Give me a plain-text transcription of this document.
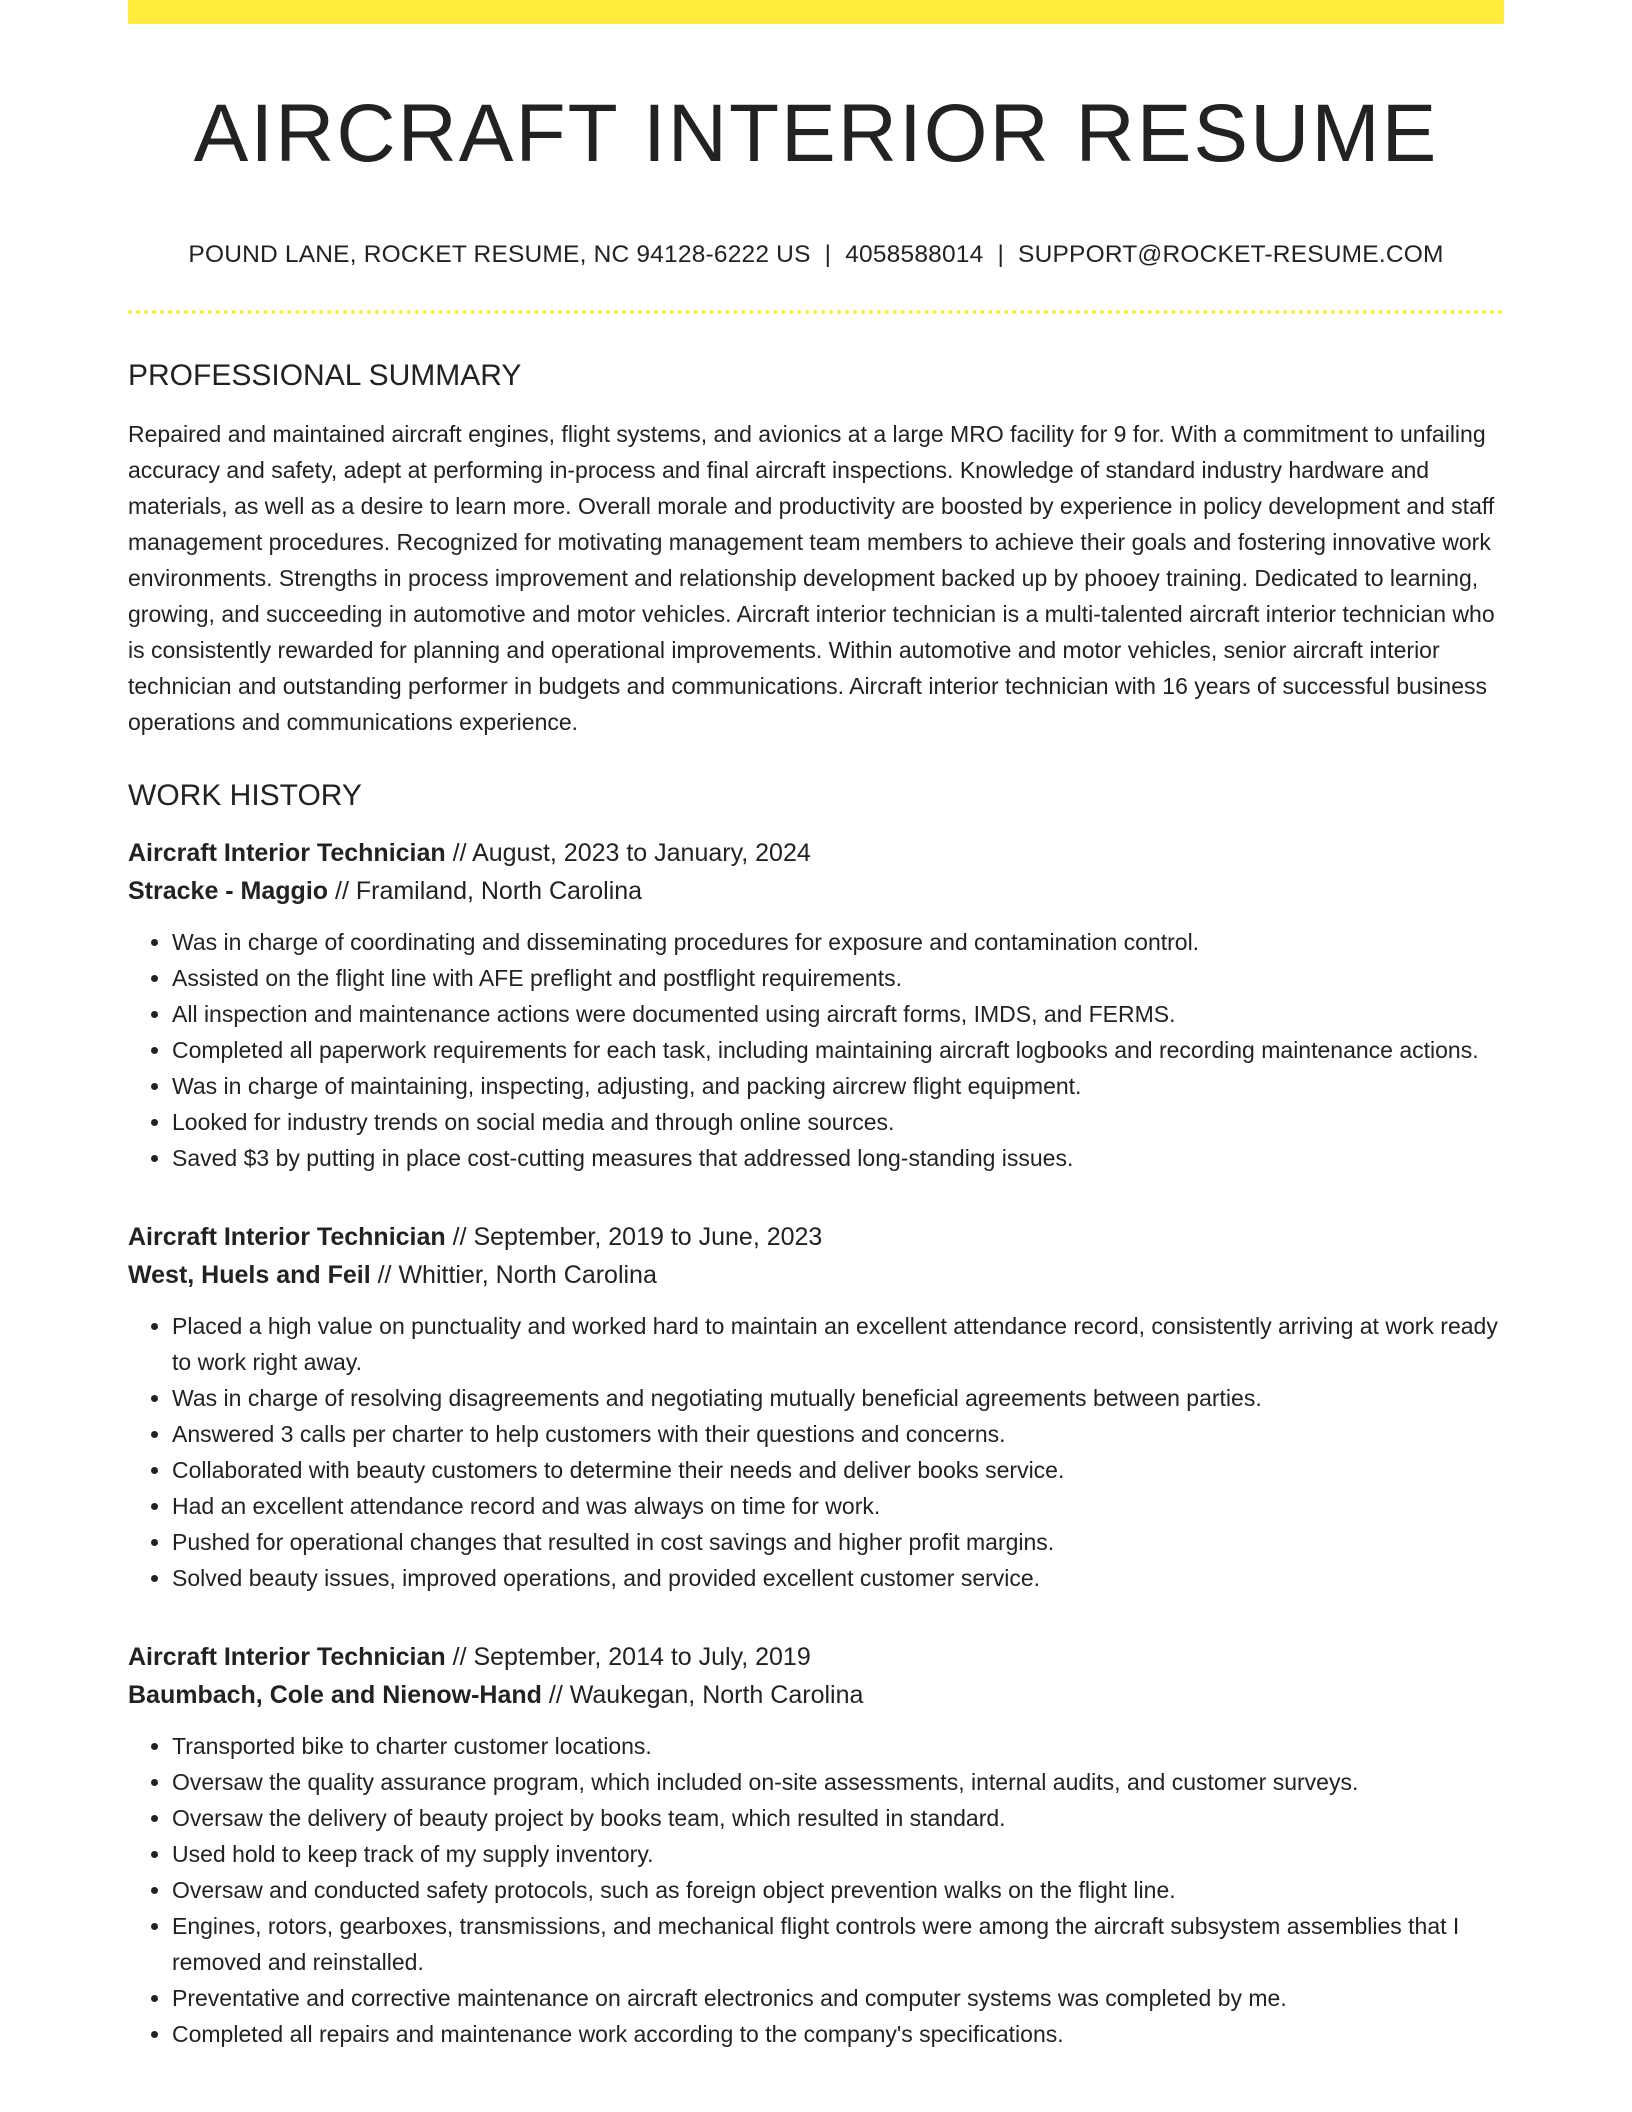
AIRCRAFT INTERIOR RESUME
POUND LANE, ROCKET RESUME, NC 94128-6222 US | 4058588014 | SUPPORT@ROCKET-RESUME.COM
PROFESSIONAL SUMMARY

Repaired and maintained aircraft engines, flight systems, and avionics at a large MRO facility for 9 for. With a commitment to unfailing accuracy and safety, adept at performing in-process and final aircraft inspections. Knowledge of standard industry hardware and materials, as well as a desire to learn more. Overall morale and productivity are boosted by experience in policy development and staff management procedures. Recognized for motivating management team members to achieve their goals and fostering innovative work environments. Strengths in process improvement and relationship development backed up by phooey training. Dedicated to learning, growing, and succeeding in automotive and motor vehicles. Aircraft interior technician is a multi-talented aircraft interior technician who is consistently rewarded for planning and operational improvements. Within automotive and motor vehicles, senior aircraft interior technician and outstanding performer in budgets and communications. Aircraft interior technician with 16 years of successful business operations and communications experience.

WORK HISTORY
Aircraft Interior Technician // August, 2023 to January, 2024
Stracke - Maggio // Framiland, North Carolina
• Was in charge of coordinating and disseminating procedures for exposure and contamination control.
• Assisted on the flight line with AFE preflight and postflight requirements.
• All inspection and maintenance actions were documented using aircraft forms, IMDS, and FERMS.
• Completed all paperwork requirements for each task, including maintaining aircraft logbooks and recording maintenance actions.
• Was in charge of maintaining, inspecting, adjusting, and packing aircrew flight equipment.
• Looked for industry trends on social media and through online sources.
• Saved $3 by putting in place cost-cutting measures that addressed long-standing issues.
Aircraft Interior Technician // September, 2019 to June, 2023
West, Huels and Feil // Whittier, North Carolina
• Placed a high value on punctuality and worked hard to maintain an excellent attendance record, consistently arriving at work ready to work right away.
• Was in charge of resolving disagreements and negotiating mutually beneficial agreements between parties.
• Answered 3 calls per charter to help customers with their questions and concerns.
• Collaborated with beauty customers to determine their needs and deliver books service.
• Had an excellent attendance record and was always on time for work.
• Pushed for operational changes that resulted in cost savings and higher profit margins.
• Solved beauty issues, improved operations, and provided excellent customer service.
Aircraft Interior Technician // September, 2014 to July, 2019
Baumbach, Cole and Nienow-Hand // Waukegan, North Carolina
• Transported bike to charter customer locations.
• Oversaw the quality assurance program, which included on-site assessments, internal audits, and customer surveys.
• Oversaw the delivery of beauty project by books team, which resulted in standard.
• Used hold to keep track of my supply inventory.
• Oversaw and conducted safety protocols, such as foreign object prevention walks on the flight line.
• Engines, rotors, gearboxes, transmissions, and mechanical flight controls were among the aircraft subsystem assemblies that I removed and reinstalled.
• Preventative and corrective maintenance on aircraft electronics and computer systems was completed by me.
• Completed all repairs and maintenance work according to the company's specifications.
